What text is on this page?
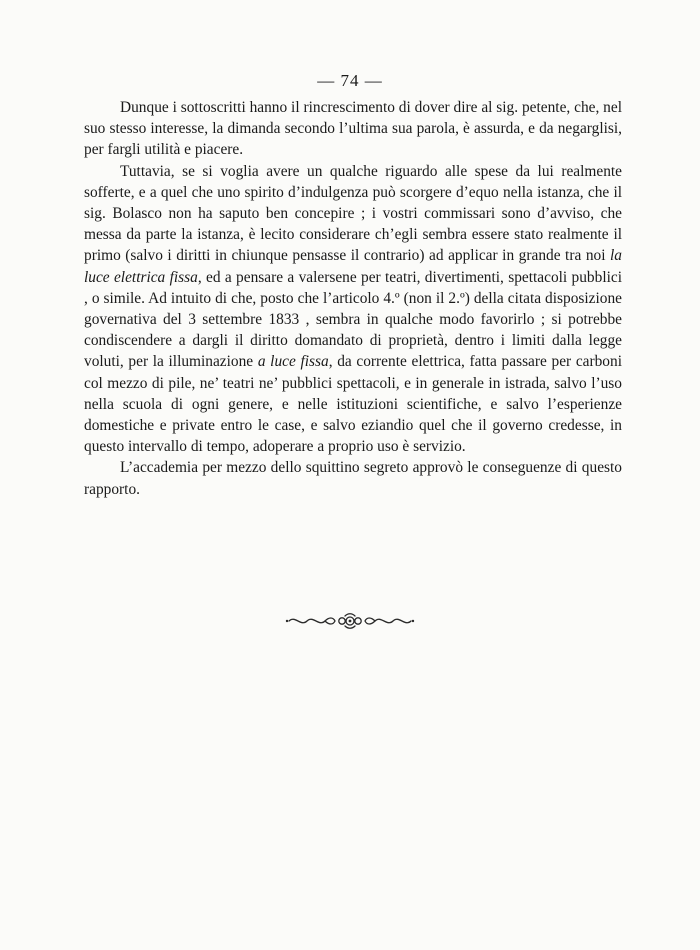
— 74 —

Dunque i sottoscritti hanno il rincrescimento di dover dire al sig. petente, che, nel suo stesso interesse, la dimanda secondo l’ultima sua parola, è assurda, e da negarglisi, per fargli utilità e piacere.

Tuttavia, se si voglia avere un qualche riguardo alle spese da lui realmente sofferte, e a quel che uno spirito d’indulgenza può scorgere d’equo nella istanza, che il sig. Bolasco non ha saputo ben concepire ; i vostri commissari sono d’avviso, che messa da parte la istanza, è lecito considerare ch’egli sembra essere stato realmente il primo (salvo i diritti in chiunque pensasse il contrario) ad applicar in grande tra noi la luce elettrica fissa, ed a pensare a valersene per teatri, divertimenti, spettacoli pubblici , o simile. Ad intuito di che, posto che l’articolo 4.º (non il 2.º) della citata disposizione governativa del 3 settembre 1833 , sembra in qualche modo favorirlo ; si potrebbe condiscendere a dargli il diritto domandato di proprietà, dentro i limiti dalla legge voluti, per la illuminazione a luce fissa, da corrente elettrica, fatta passare per carboni col mezzo di pile, ne’ teatri ne’ pubblici spettacoli, e in generale in istrada, salvo l’uso nella scuola di ogni genere, e nelle istituzioni scientifiche, e salvo l’esperienze domestiche e private entro le case, e salvo eziandio quel che il governo credesse, in questo intervallo di tempo, adoperare a proprio uso è servizio.

L’accademia per mezzo dello squittino segreto approvò le conseguenze di questo rapporto.
